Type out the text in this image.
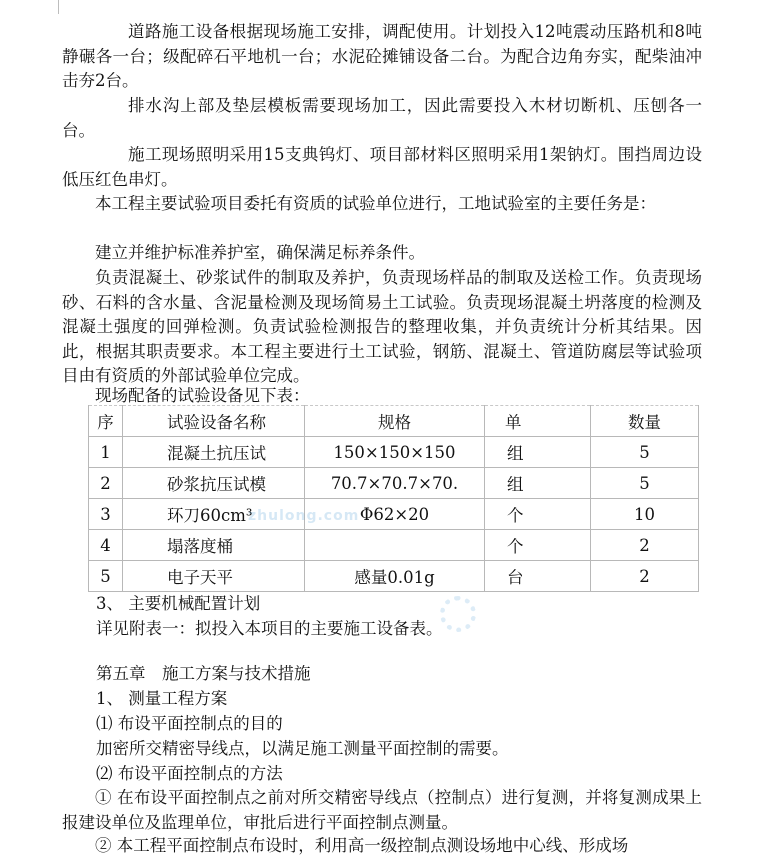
道路施工设备根据现场施工安排，调配使用。计划投入12吨震动压路机和8吨静碾各一台；级配碎石平地机一台；水泥砼摊铺设备二台。为配合边角夯实，配柴油冲击夯2台。
排水沟上部及垫层模板需要现场加工，因此需要投入木材切断机、压刨各一台。
施工现场照明采用15支典钨灯、项目部材料区照明采用1架钠灯。围挡周边设低压红色串灯。
本工程主要试验项目委托有资质的试验单位进行，工地试验室的主要任务是：
建立并维护标准养护室，确保满足标养条件。
负责混凝土、砂浆试件的制取及养护，负责现场样品的制取及送检工作。负责现场砂、石料的含水量、含泥量检测及现场简易土工试验。负责现场混凝土坍落度的检测及混凝土强度的回弹检测。负责试验检测报告的整理收集，并负责统计分析其结果。因此，根据其职责要求。本工程主要进行土工试验，钢筋、混凝土、管道防腐层等试验项目由有资质的外部试验单位完成。
现场配备的试验设备见下表：
序	试验设备名称	规格	单	数量
1	混凝土抗压试	150×150×150	组	5
2	砂浆抗压试模	70.7×70.7×70.	组	5
3	环刀60cm³	Φ62×20	个	10
4	塌落度桶		个	2
5	电子天平	感量0.01g	台	2
zhulong.com
3、 主要机械配置计划
详见附表一：拟投入本项目的主要施工设备表。
第五章　施工方案与技术措施
1、 测量工程方案
⑴ 布设平面控制点的目的
加密所交精密导线点，以满足施工测量平面控制的需要。
⑵ 布设平面控制点的方法
① 在布设平面控制点之前对所交精密导线点（控制点）进行复测，并将复测成果上报建设单位及监理单位，审批后进行平面控制点测量。
② 本工程平面控制点布设时，利用高一级控制点测设场地中心线、形成场
